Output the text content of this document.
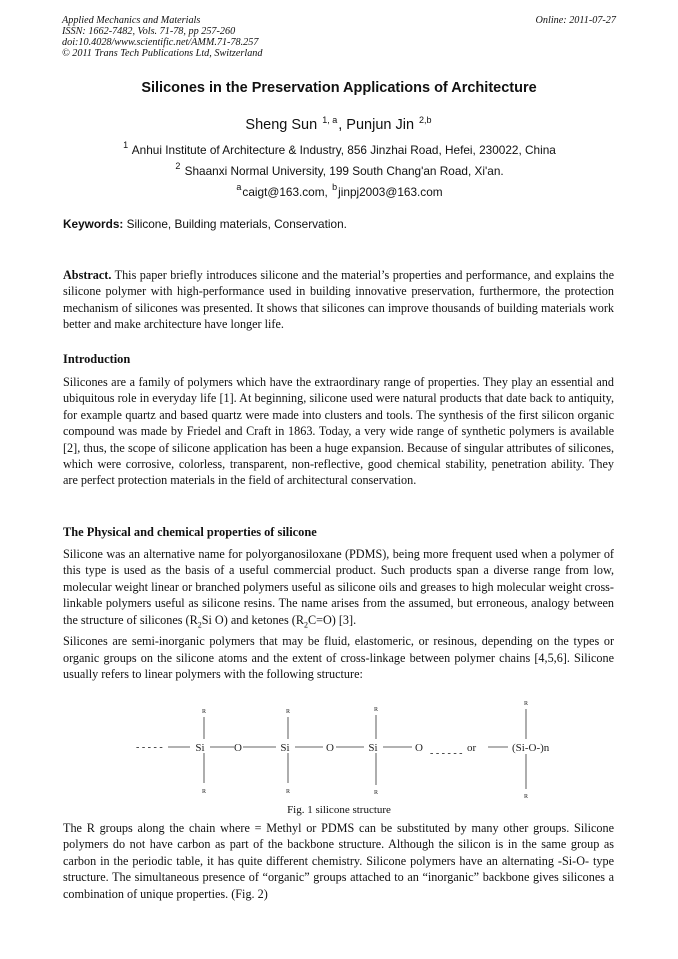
Applied Mechanics and Materials
ISSN: 1662-7482, Vols. 71-78, pp 257-260
doi:10.4028/www.scientific.net/AMM.71-78.257
© 2011 Trans Tech Publications Ltd, Switzerland
Online: 2011-07-27
Silicones in the Preservation Applications of Architecture
Sheng Sun $^{1, a}$, Punjun Jin $^{2,b}$
$^1$ Anhui Institute of Architecture & Industry, 856 Jinzhai Road, Hefei, 230022, China
$^2$ Shaanxi Normal University, 199 South Chang'an Road, Xi'an.
$^a$caigt@163.com, $^b$jinpj2003@163.com
Keywords: Silicone, Building materials, Conservation.

Abstract. This paper briefly introduces silicone and the material’s properties and performance, and explains the silicone polymer with high-performance used in building innovative preservation, furthermore, the protection mechanism of silicones was presented. It shows that silicones can improve thousands of building materials work better and make architecture have longer life.

Introduction

Silicones are a family of polymers which have the extraordinary range of properties. They play an essential and ubiquitous role in everyday life [1]. At beginning, silicone used were natural products that date back to antiquity, for example quartz and based quartz were made into clusters and tools. The synthesis of the first silicon organic compound was made by Friedel and Craft in 1863. Today, a very wide range of synthetic polymers is available [2], thus, the scope of silicone application has been a huge expansion. Because of singular attributes of silicones, which were corrosive, colorless, transparent, non-reflective, good chemical stability, penetration ability. They are perfect protection materials in the field of architectural conservation.

The Physical and chemical properties of silicone

Silicone was an alternative name for polyorganosiloxane (PDMS), being more frequent used when a polymer of this type is used as the basis of a useful commercial product. Such products span a diverse range from low, molecular weight linear or branched polymers useful as silicone oils and greases to high molecular weight cross-linkable polymers useful as silicone resins. The name arises from the assumed, but erroneous, analogy between the structure of silicones ($R_2Si$ O) and ketones $(R_2C=O)$ [3].

Silicones are semi-inorganic polymers that may be fluid, elastomeric, or resinous, depending on the types or organic groups on the silicone atoms and the extent of cross-linkage between polymer chains [4,5,6]. Silicone usually refers to linear polymers with the following structure:

- - - - -	Si
R
R
O	Si
R
R
O	Si
R
R
O - - - - - - or	(Si-O-)n
R
R
Fig. 1 silicone structure

The R groups along the chain where = Methyl or PDMS can be substituted by many other groups. Silicone polymers do not have carbon as part of the backbone structure. Although the silicon is in the same group as carbon in the periodic table, it has quite different chemistry. Silicone polymers have an alternating -Si-O- type structure. The simultaneous presence of “organic” groups attached to an “inorganic” backbone gives silicones a combination of unique properties. (Fig. 2)
